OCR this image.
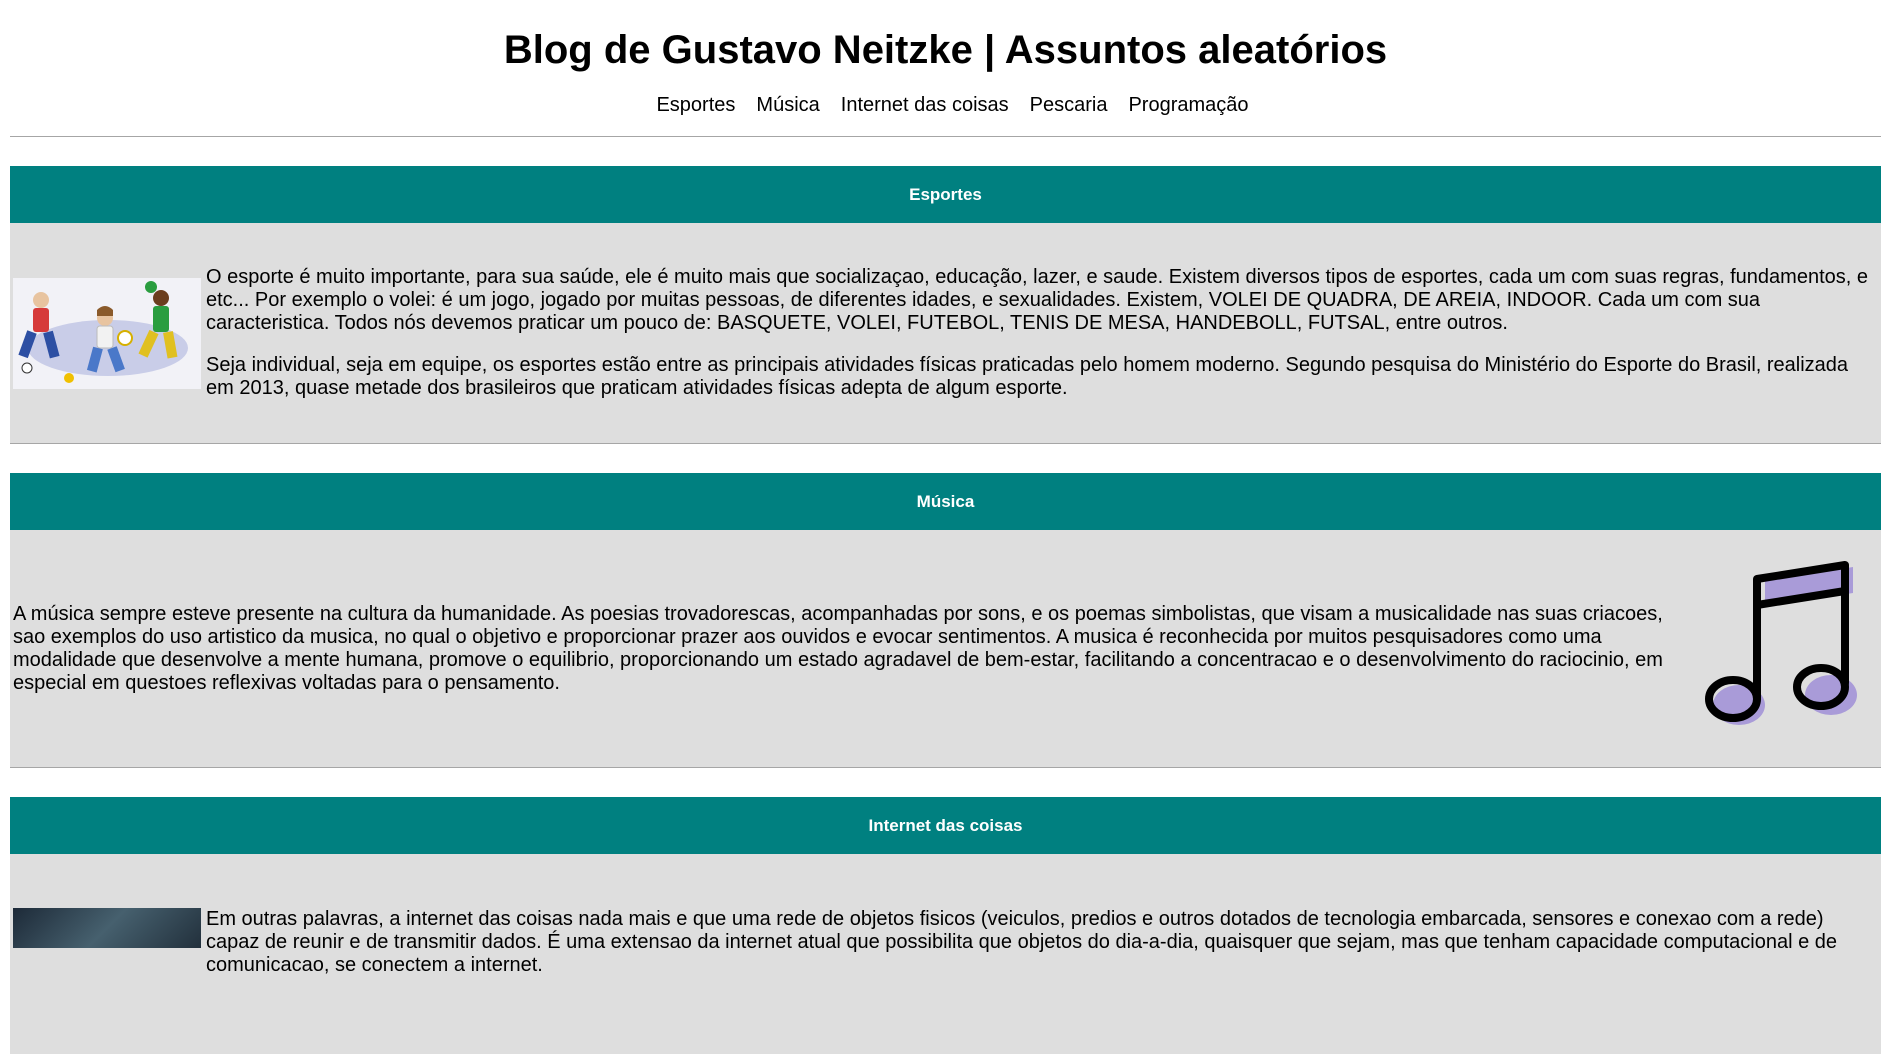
Blog de Gustavo Neitzke | Assuntos aleatórios
Esportes Música Internet das coisas Pescaria Programação
Esportes

O esporte é muito importante, para sua saúde, ele é muito mais que socializaçao, educação, lazer, e saude. Existem diversos tipos de esportes, cada um com suas regras, fundamentos, e etc... Por exemplo o volei: é um jogo, jogado por muitas pessoas, de diferentes idades, e sexualidades. Existem, VOLEI DE QUADRA, DE AREIA, INDOOR. Cada um com sua caracteristica. Todos nós devemos praticar um pouco de: BASQUETE, VOLEI, FUTEBOL, TENIS DE MESA, HANDEBOLL, FUTSAL, entre outros.

Seja individual, seja em equipe, os esportes estão entre as principais atividades físicas praticadas pelo homem moderno. Segundo pesquisa do Ministério do Esporte do Brasil, realizada em 2013, quase metade dos brasileiros que praticam atividades físicas adepta de algum esporte.

Música

A música sempre esteve presente na cultura da humanidade. As poesias trovadorescas, acompanhadas por sons, e os poemas simbolistas, que visam a musicalidade nas suas criacoes, sao exemplos do uso artistico da musica, no qual o objetivo e proporcionar prazer aos ouvidos e evocar sentimentos. A musica é reconhecida por muitos pesquisadores como uma modalidade que desenvolve a mente humana, promove o equilibrio, proporcionando um estado agradavel de bem-estar, facilitando a concentracao e o desenvolvimento do raciocinio, em especial em questoes reflexivas voltadas para o pensamento.

Internet das coisas

Em outras palavras, a internet das coisas nada mais e que uma rede de objetos fisicos (veiculos, predios e outros dotados de tecnologia embarcada, sensores e conexao com a rede) capaz de reunir e de transmitir dados. É uma extensao da internet atual que possibilita que objetos do dia-a-dia, quaisquer que sejam, mas que tenham capacidade computacional e de comunicacao, se conectem a internet.
